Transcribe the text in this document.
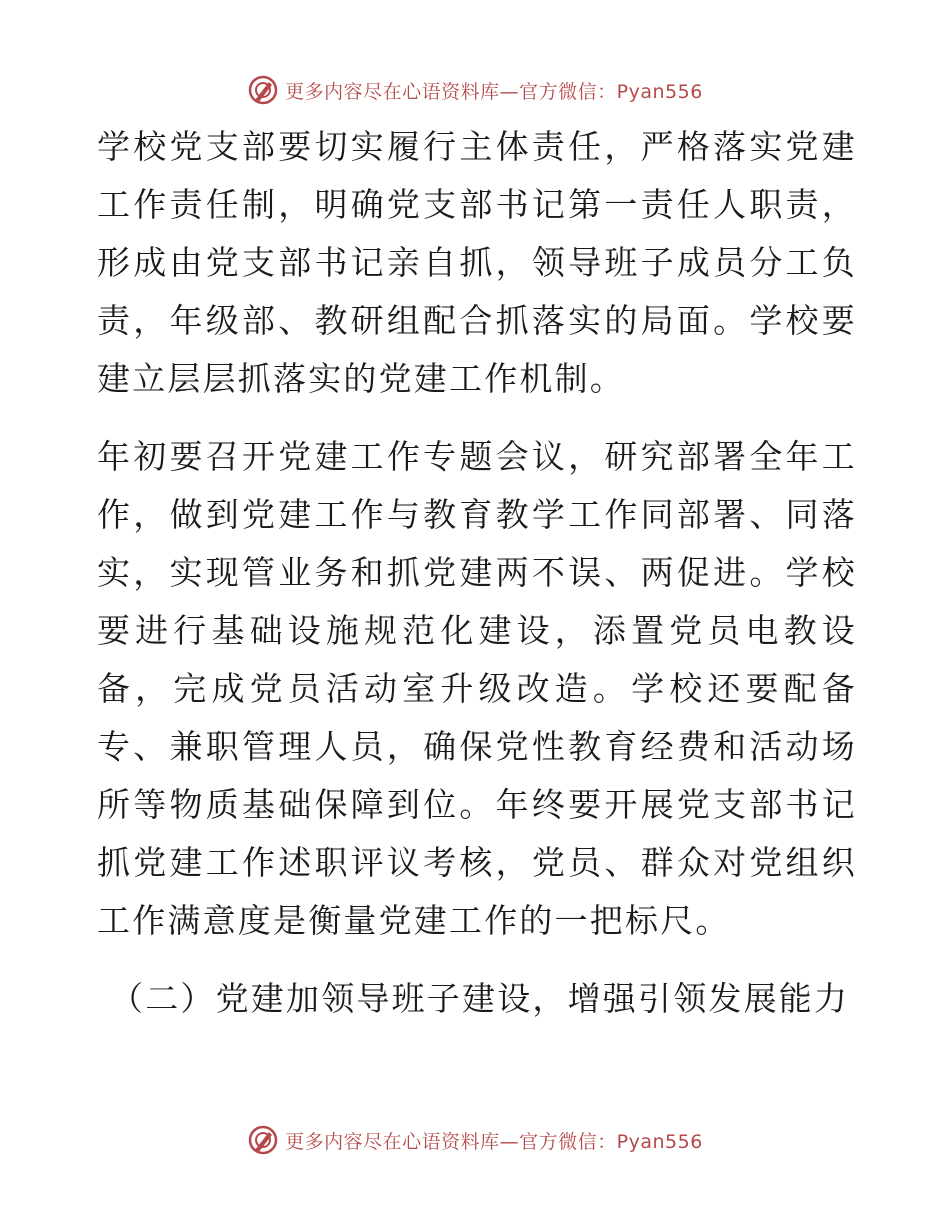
更多内容尽在心语资料库—官方微信：Pyan556

学校党支部要切实履行主体责任，严格落实党建工作责任制，明确党支部书记第一责任人职责，形成由党支部书记亲自抓，领导班子成员分工负责，年级部、教研组配合抓落实的局面。学校要建立层层抓落实的党建工作机制。

年初要召开党建工作专题会议，研究部署全年工作，做到党建工作与教育教学工作同部署、同落实，实现管业务和抓党建两不误、两促进。学校要进行基础设施规范化建设，添置党员电教设备，完成党员活动室升级改造。学校还要配备专、兼职管理人员，确保党性教育经费和活动场所等物质基础保障到位。年终要开展党支部书记抓党建工作述职评议考核，党员、群众对党组织工作满意度是衡量党建工作的一把标尺。

（二）党建加领导班子建设，增强引领发展能力

更多内容尽在心语资料库—官方微信：Pyan556
